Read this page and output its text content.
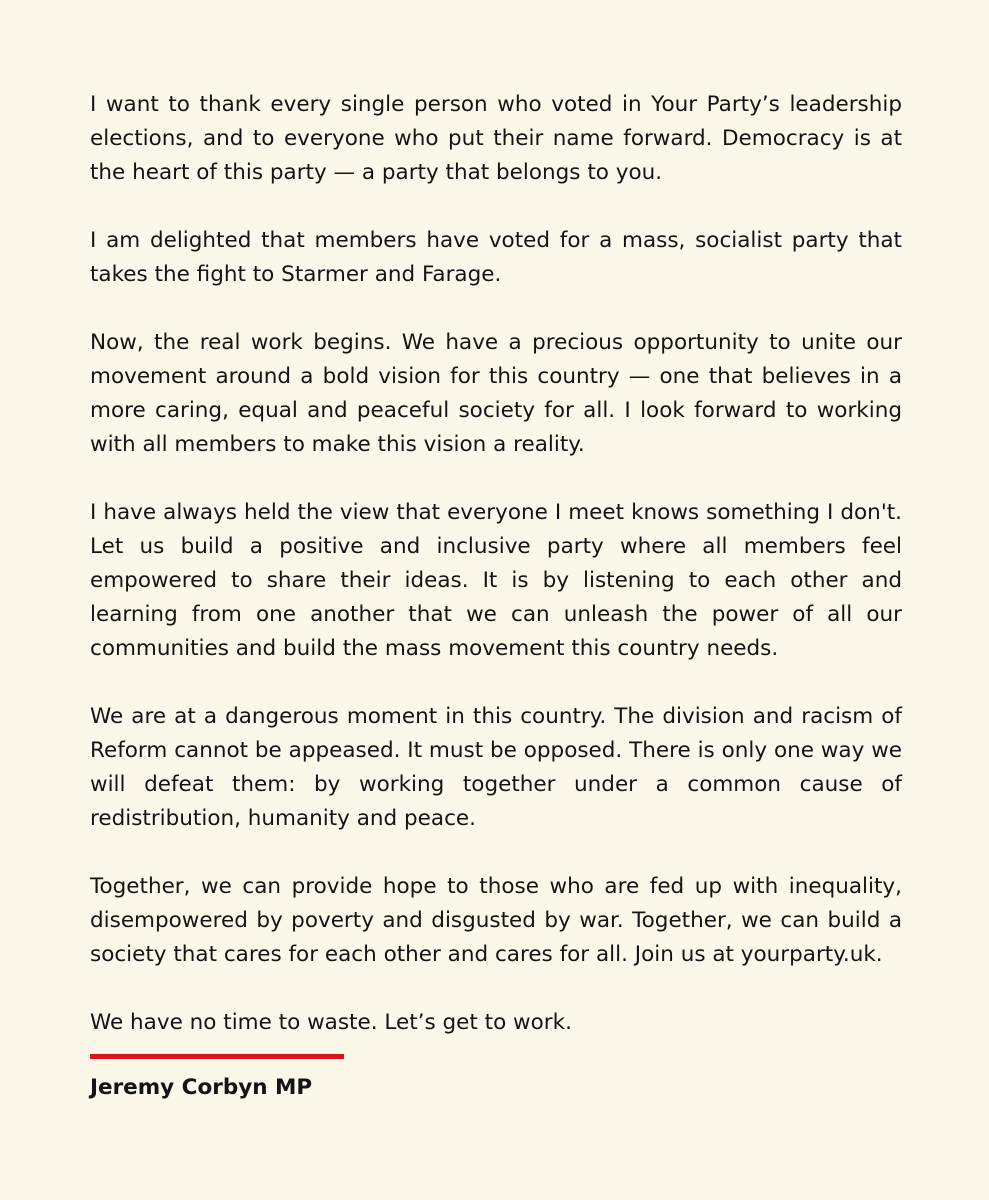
I want to thank every single person who voted in Your Party’s leadership elections, and to everyone who put their name forward. Democracy is at the heart of this party — a party that belongs to you.

I am delighted that members have voted for a mass, socialist party that takes the fight to Starmer and Farage.

Now, the real work begins. We have a precious opportunity to unite our movement around a bold vision for this country — one that believes in a more caring, equal and peaceful society for all. I look forward to working with all members to make this vision a reality.

I have always held the view that everyone I meet knows something I don't. Let us build a positive and inclusive party where all members feel empowered to share their ideas. It is by listening to each other and learning from one another that we can unleash the power of all our communities and build the mass movement this country needs.

We are at a dangerous moment in this country. The division and racism of Reform cannot be appeased. It must be opposed. There is only one way we will defeat them: by working together under a common cause of redistribution, humanity and peace.

Together, we can provide hope to those who are fed up with inequality, disempowered by poverty and disgusted by war. Together, we can build a society that cares for each other and cares for all. Join us at yourparty.uk.

We have no time to waste. Let’s get to work.

Jeremy Corbyn MP
